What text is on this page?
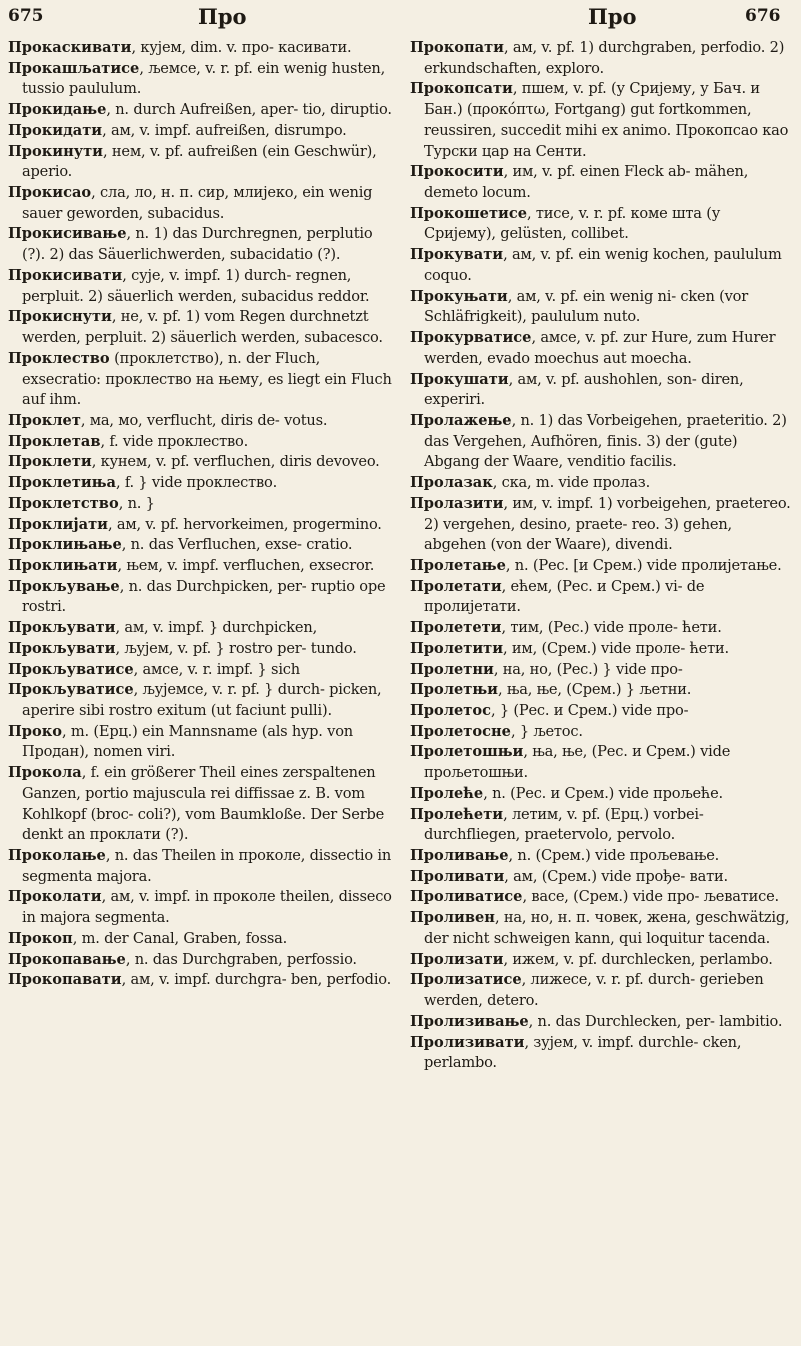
675	Про	Про	676

Прокаскивати, кујем, dim. v. про- касивати.

Прокашљатисе, љемсе, v. r. pf. ein wenig husten, tussio paululum.

Прокидање, n. durch Aufreißen, aper- tio, diruptio.

Прокидати, ам, v. impf. aufreißen, disrumpo.

Прокинути, нем, v. pf. aufreißen (ein Geschwür), aperio.

Прокисао, сла, ло, н. п. сир, млијеко, ein wenig sauer geworden, subacidus.

Прокисивање, n. 1) das Durchregnen, perplutio (?). 2) das Säuerlichwerden, subacidatio (?).

Прокисивати, сује, v. impf. 1) durch- regnen, perpluit. 2) säuerlich werden, subacidus reddor.

Прокиснути, не, v. pf. 1) vom Regen durchnetzt werden, perpluit. 2) säuerlich werden, subacesco.

Проклество (проклетство), n. der Fluch, exsecratio: проклество на њему, es liegt ein Fluch auf ihm.

Проклет, ма, мо, verflucht, diris de- votus.

Проклетав, f. vide проклество.

Проклети, кунем, v. pf. verfluchen, diris devoveo.

Проклетиња, f. } vide проклество.

Проклетство, n. }

Проклијати, ам, v. pf. hervorkeimen, progermino.

Проклињање, n. das Verfluchen, exse- cratio.

Проклињати, њем, v. impf. verfluchen, exsecror.

Прокљување, n. das Durchpicken, per- ruptio ope rostri.

Прокљувати, ам, v. impf. } durchpicken,

Прокљувати, љујем, v. pf. } rostro per- tundo.

Прокљуватисе, амсе, v. r. impf. } sich

Прокљуватисе, љујемсе, v. r. pf. } durch- picken, aperire sibi rostro exitum (ut faciunt pulli).

Проко, m. (Ерц.) ein Mannsname (als hyp. von Продан), nomen viri.

Прокола, f. ein größerer Theil eines zerspaltenen Ganzen, portio majuscula rei diffissae z. B. vom Kohlkopf (broc- coli?), vom Baumkloße. Der Serbe denkt an проклати (?).

Проколање, n. das Theilen in проколе, dissectio in segmenta majora.

Проколати, ам, v. impf. in проколе theilen, disseco in majora segmenta.

Прокоп, m. der Canal, Graben, fossa.

Прокопавање, n. das Durchgraben, perfossio.

Прокопавати, ам, v. impf. durchgra- ben, perfodio.

Прокопати, ам, v. pf. 1) durchgraben, perfodio. 2) erkundschaften, exploro.

Прокопсати, пшем, v. pf. (у Сријему, у Бач. и Бан.) (προκόπτω, Fortgang) gut fortkommen, reussiren, succedit mihi ex animo. Прокопсао као Турски цар на Сенти.

Прокосити, им, v. pf. einen Fleck ab- mähen, demeto locum.

Прокошетисе, тисе, v. r. pf. коме шта (у Сријему), gelüsten, collibet.

Прокувати, ам, v. pf. ein wenig kochen, paululum coquo.

Прокуњати, ам, v. pf. ein wenig ni- cken (vor Schläfrigkeit), paululum nuto.

Прокурватисе, амсе, v. pf. zur Hure, zum Hurer werden, evado moechus aut moecha.

Прокушати, ам, v. pf. aushohlen, son- diren, experiri.

Пролажење, n. 1) das Vorbeigehen, praeteritio. 2) das Vergehen, Aufhören, finis. 3) der (gute) Abgang der Waare, venditio facilis.

Пролазак, ска, m. vide пролаз.

Пролазити, им, v. impf. 1) vorbeigehen, praetereo. 2) vergehen, desino, praete- reo. 3) gehen, abgehen (von der Waare), divendi.

Пролетање, n. (Рес. [и Срем.) vide пролијетање.

Пролетати, ећем, (Рес. и Срем.) vi- de пролијетати.

Пролетети, тим, (Рес.) vide проле- ћети.

Пролетити, им, (Срем.) vide проле- ћети.

Пролетни, на, но, (Рес.) } vide про-

Пролетњи, ња, ње, (Срем.) } љетни.

Пролетос, } (Рес. и Срем.) vide про-

Пролетосне, } љетос.

Пролетошњи, ња, ње, (Рес. и Срем.) vide прољетошњи.

Пролеће, n. (Рес. и Срем.) vide прољеће.

Пролећети, летим, v. pf. (Ерц.) vorbei- durchfliegen, praetervolo, pervolo.

Проливање, n. (Срем.) vide прољевање.

Проливати, ам, (Срем.) vide прође- вати.

Проливатисе, васе, (Срем.) vide про- љеватисе.

Проливен, на, но, н. п. човек, жена, geschwätzig, der nicht schweigen kann, qui loquitur tacenda.

Пролизати, ижем, v. pf. durchlecken, perlambo.

Пролизатисе, лижесе, v. r. pf. durch- gerieben werden, detero.

Пролизивање, n. das Durchlecken, per- lambitio.

Пролизивати, зујем, v. impf. durchle- cken, perlambo.
